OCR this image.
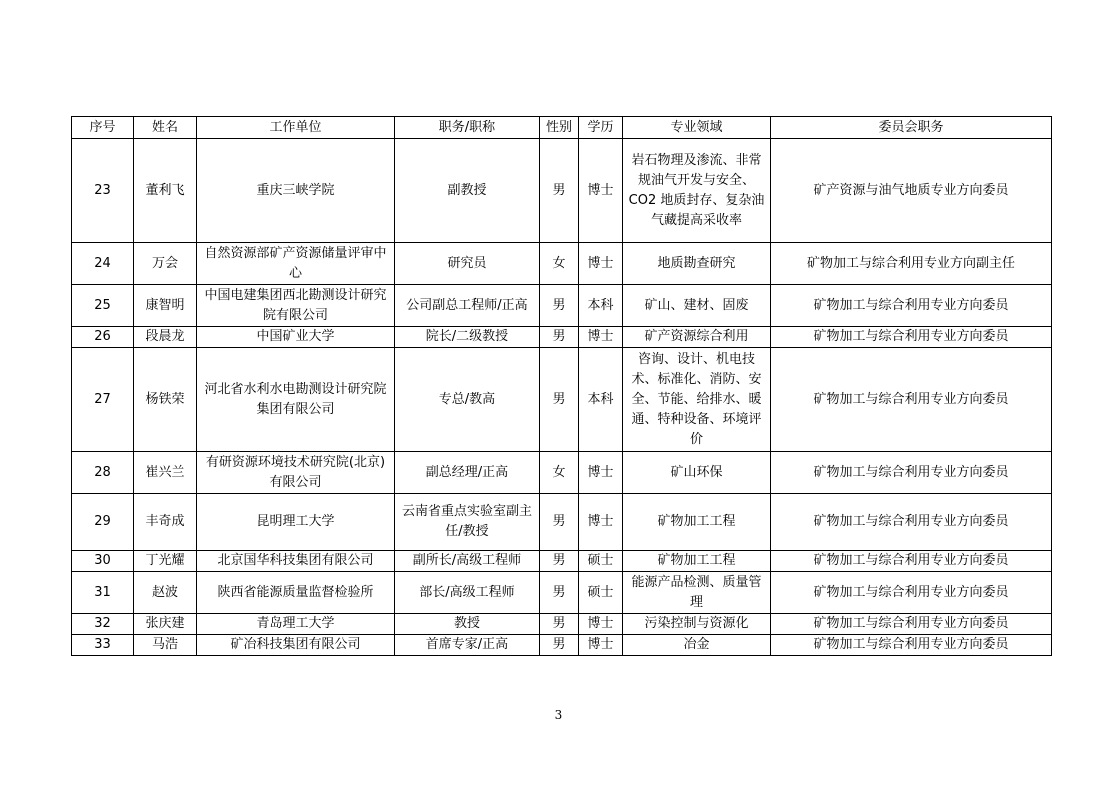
序号	姓名	工作单位	职务/职称	性别	学历	专业领域	委员会职务
23	董利飞	重庆三峡学院	副教授	男	博士	岩石物理及渗流、非常规油气开发与安全、CO2 地质封存、复杂油气藏提高采收率	矿产资源与油气地质专业方向委员
24	万会	自然资源部矿产资源储量评审中心	研究员	女	博士	地质勘查研究	矿物加工与综合利用专业方向副主任
25	康智明	中国电建集团西北勘测设计研究院有限公司	公司副总工程师/正高	男	本科	矿山、建材、固废	矿物加工与综合利用专业方向委员
26	段晨龙	中国矿业大学	院长/二级教授	男	博士	矿产资源综合利用	矿物加工与综合利用专业方向委员
27	杨铁荣	河北省水利水电勘测设计研究院集团有限公司	专总/教高	男	本科	咨询、设计、机电技术、标准化、消防、安全、节能、给排水、暖通、特种设备、环境评价	矿物加工与综合利用专业方向委员
28	崔兴兰	有研资源环境技术研究院(北京)有限公司	副总经理/正高	女	博士	矿山环保	矿物加工与综合利用专业方向委员
29	丰奇成	昆明理工大学	云南省重点实验室副主任/教授	男	博士	矿物加工工程	矿物加工与综合利用专业方向委员
30	丁光耀	北京国华科技集团有限公司	副所长/高级工程师	男	硕士	矿物加工工程	矿物加工与综合利用专业方向委员
31	赵波	陕西省能源质量监督检验所	部长/高级工程师	男	硕士	能源产品检测、质量管理	矿物加工与综合利用专业方向委员
32	张庆建	青岛理工大学	教授	男	博士	污染控制与资源化	矿物加工与综合利用专业方向委员
33	马浩	矿冶科技集团有限公司	首席专家/正高	男	博士	冶金	矿物加工与综合利用专业方向委员
3
